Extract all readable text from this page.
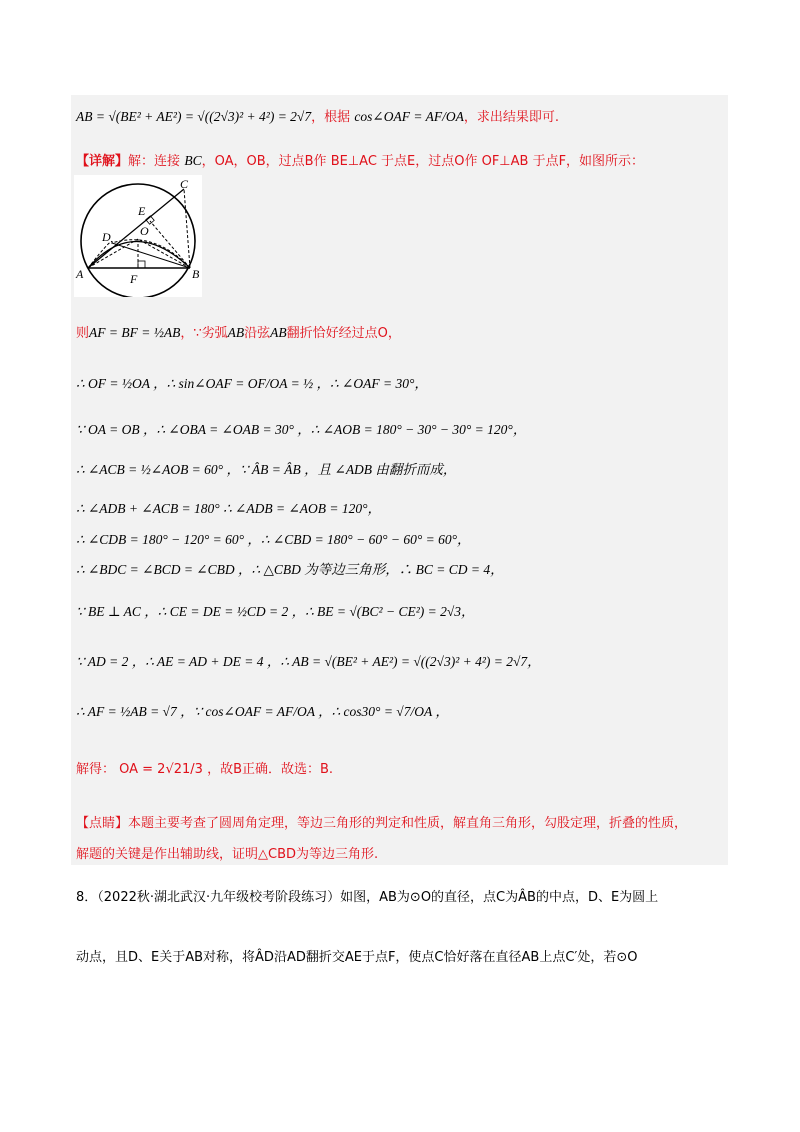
AB = √(BE² + AE²) = √((2√3)² + 4²) = 2√7，根据 cos∠OAF = AF/OA，求出结果即可.
【详解】解：连接 BC，OA，OB，过点B作 BE⊥AC 于点E，过点O作 OF⊥AB 于点F，如图所示：
A	B
C
D
E
O
F
则AF = BF = ½AB，∵劣弧AB沿弦AB翻折恰好经过点O，
∴ OF = ½OA ，∴ sin∠OAF = OF/OA = ½ ，∴ ∠OAF = 30°，
∵ OA = OB ，∴ ∠OBA = ∠OAB = 30° ，∴ ∠AOB = 180° − 30° − 30° = 120°，
∴ ∠ACB = ½∠AOB = 60° ，∵ ÂB = ÂB ，且 ∠ADB 由翻折而成，
∴ ∠ADB + ∠ACB = 180° ∴ ∠ADB = ∠AOB = 120°，
∴ ∠CDB = 180° − 120° = 60° ，∴ ∠CBD = 180° − 60° − 60° = 60°，
∴ ∠BDC = ∠BCD = ∠CBD ，∴ △CBD 为等边三角形，∴ BC = CD = 4，
∵ BE ⊥ AC ，∴ CE = DE = ½CD = 2 ，∴ BE = √(BC² − CE²) = 2√3，
∵ AD = 2 ，∴ AE = AD + DE = 4 ，∴ AB = √(BE² + AE²) = √((2√3)² + 4²) = 2√7，
∴ AF = ½AB = √7 ，∵ cos∠OAF = AF/OA ，∴ cos30° = √7/OA ，
解得： OA = 2√21/3 ，故B正确．故选：B.
【点睛】本题主要考查了圆周角定理，等边三角形的判定和性质，解直角三角形，勾股定理，折叠的性质，
解题的关键是作出辅助线，证明△CBD为等边三角形.
8．（2022秋·湖北武汉·九年级校考阶段练习）如图，AB为⊙O的直径，点C为ÂB的中点，D、E为圆上
动点，且D、E关于AB对称，将ÂD沿AD翻折交AE于点F，使点C恰好落在直径AB上点C′处，若⊙O
